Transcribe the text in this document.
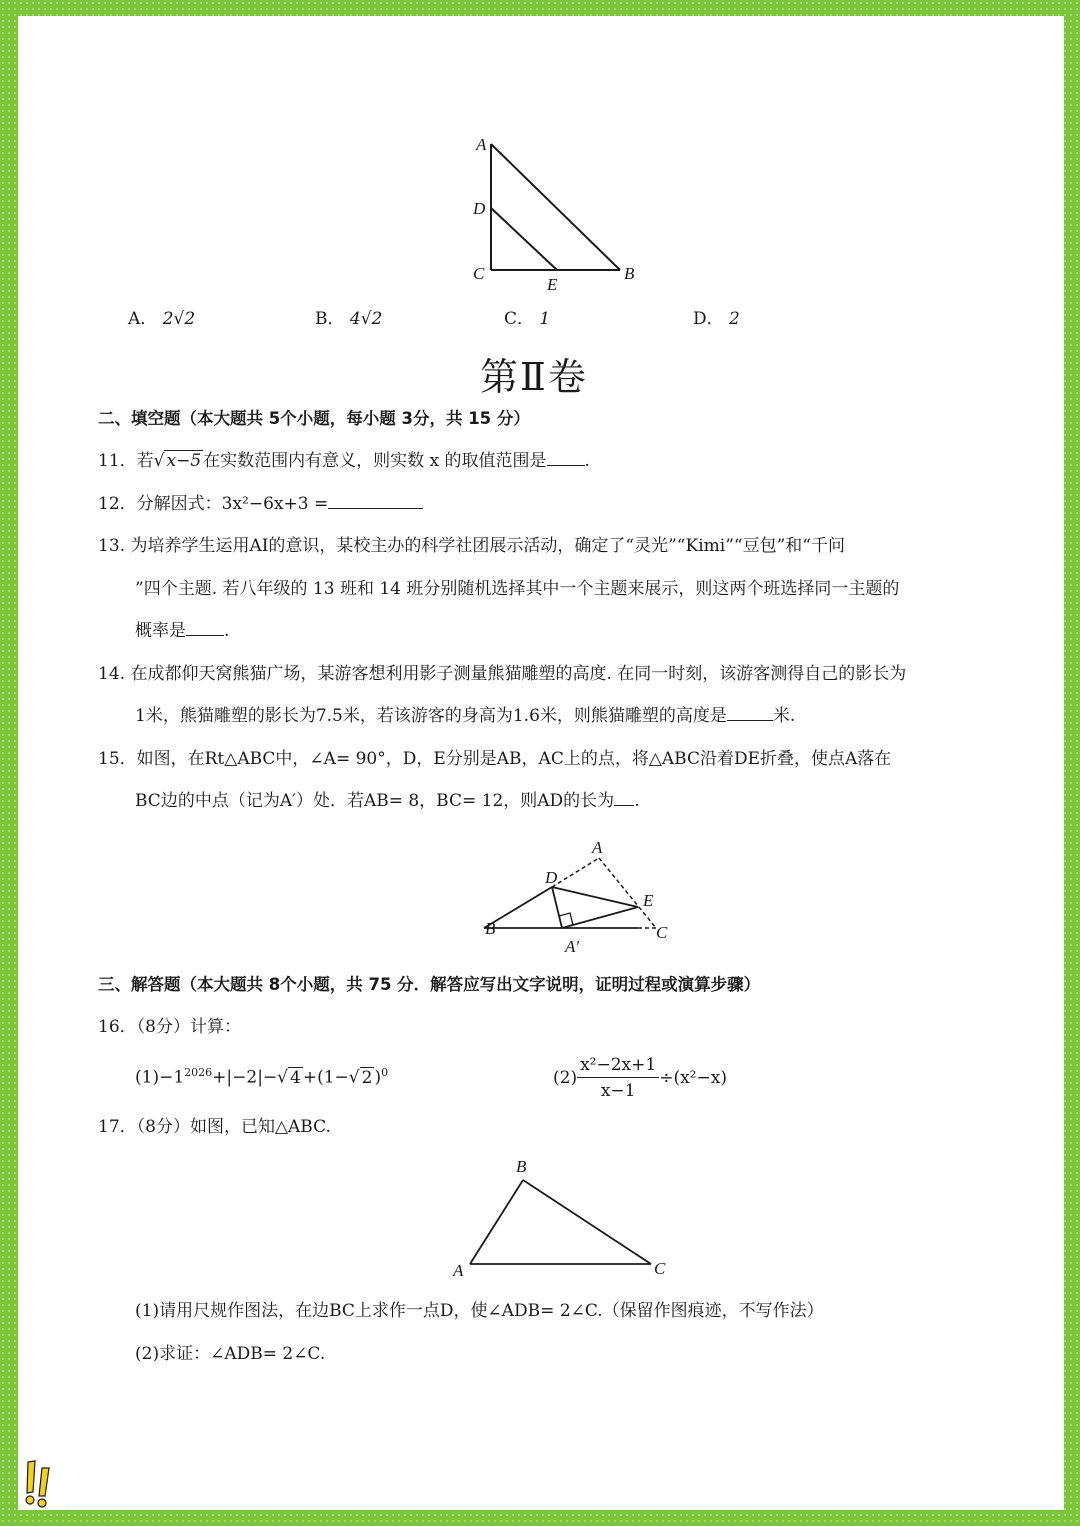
A
D
C
E
B
A． 2√2	B． 4√2	C． 1	D． 2
第Ⅱ卷
二、填空题（本大题共 5个小题，每小题 3分，共 15 分）
11．若√ x−5 在实数范围内有意义，则实数 x 的取值范围是 .
12．分解因式：3x²−6x+3 =
13. 为培养学生运用AI的意识，某校主办的科学社团展示活动，确定了“灵光”“Kimi”“豆包”和“千问
”四个主题. 若八年级的 13 班和 14 班分别随机选择其中一个主题来展示，则这两个班选择同一主题的
概率是 .
14. 在成都仰天窝熊猫广场，某游客想利用影子测量熊猫雕塑的高度. 在同一时刻，该游客测得自己的影长为
1米，熊猫雕塑的影长为7.5米，若该游客的身高为1.6米，则熊猫雕塑的高度是	米.
15．如图，在Rt△ABC中，∠A= 90°，D，E分别是AB，AC上的点，将△ABC沿着DE折叠，使点A落在
BC边的中点（记为A′）处．若AB= 8，BC= 12，则AD的长为 .
A
D
E
B
A′
C
三、解答题（本大题共 8个小题，共 75 分．解答应写出文字说明，证明过程或演算步骤）
16．（8分）计算：
$(1)-1^{2026}+|-2|-√$ 4 +(1−√ 2 )$^0$	$(2) \frac{\text{x²−2x+1}}{x-1} \div(x^2-x)$
17．（8分）如图，已知△ABC.
B
A	C
(1)请用尺规作图法，在边BC上求作一点D，使∠ADB= 2∠C.（保留作图痕迹，不写作法）
(2)求证：∠ADB= 2∠C.
